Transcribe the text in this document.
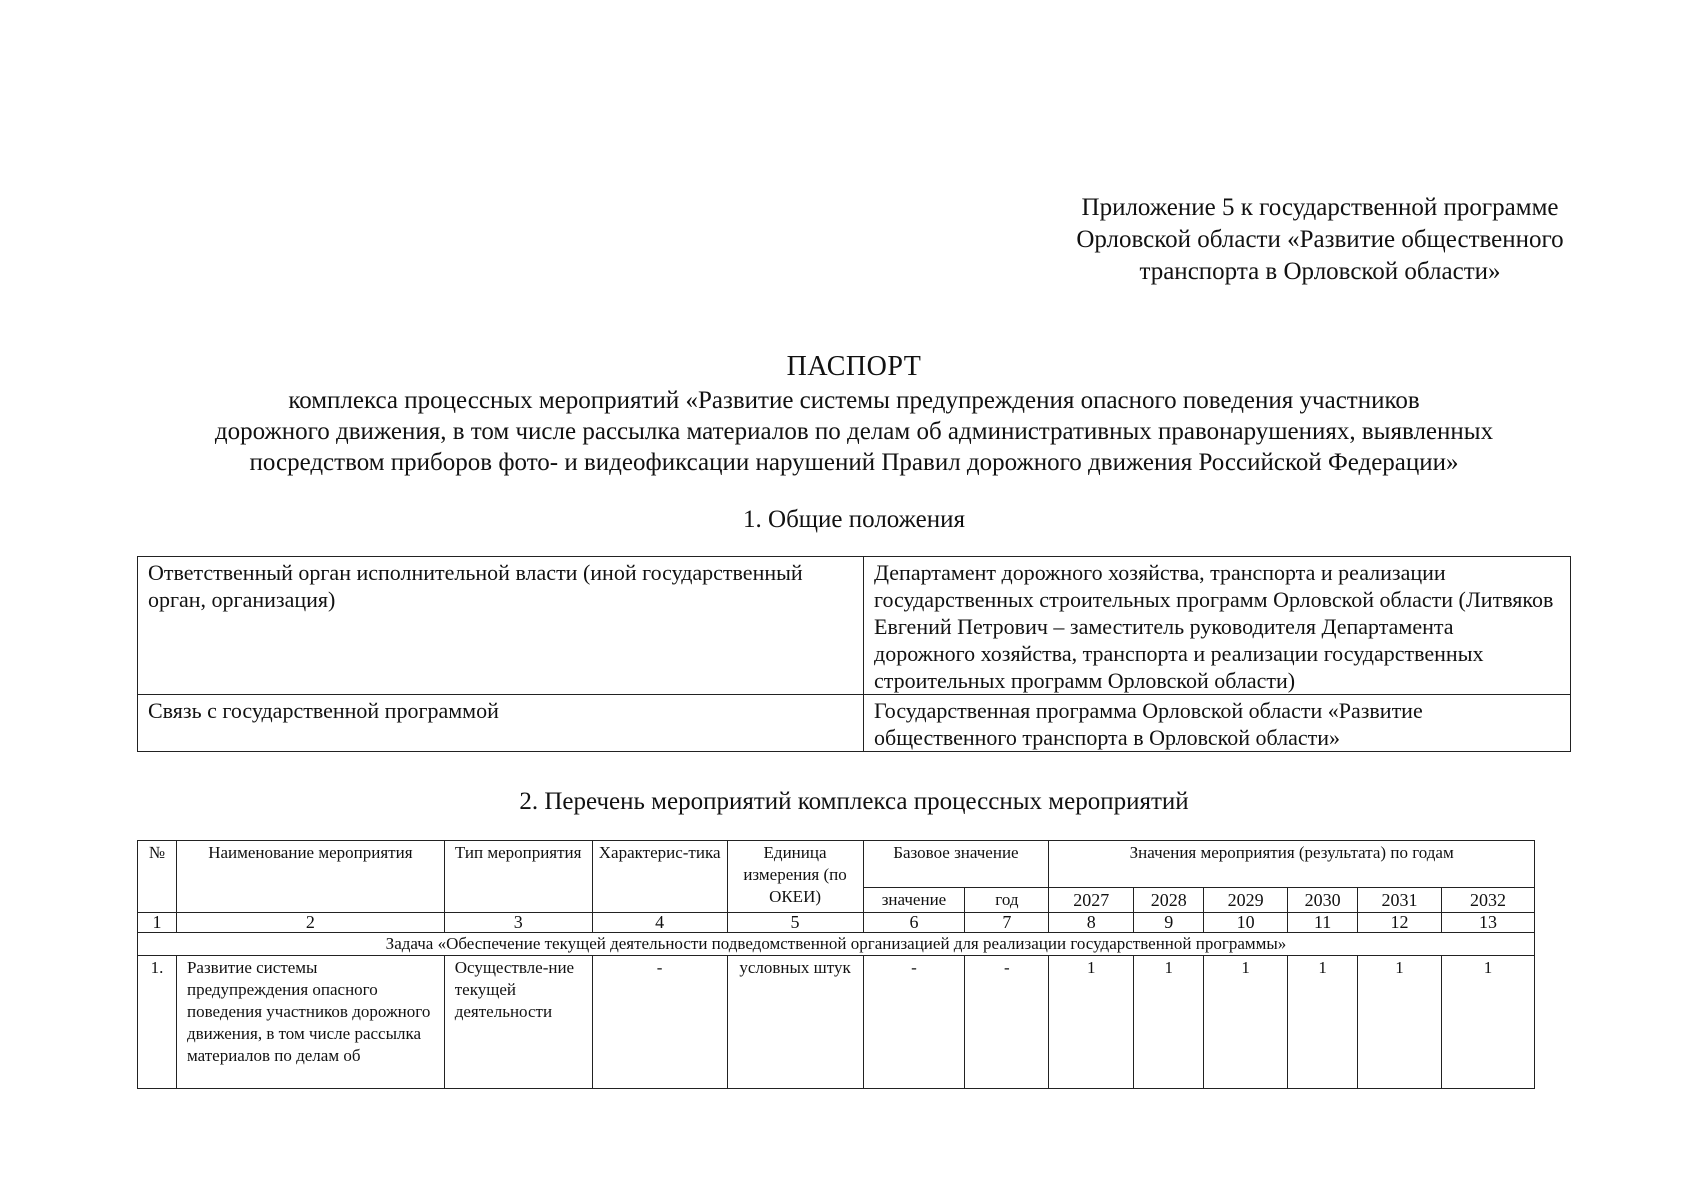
Приложение 5 к государственной программе
Орловской области «Развитие общественного
транспорта в Орловской области»
ПАСПОРТ
комплекса процессных мероприятий «Развитие системы предупреждения опасного поведения участников
дорожного движения, в том числе рассылка материалов по делам об административных правонарушениях, выявленных
посредством приборов фото- и видеофиксации нарушений Правил дорожного движения Российской Федерации»
1. Общие положения
Ответственный орган исполнительной власти (иной государственный орган, организация)	Департамент дорожного хозяйства, транспорта и реализации государственных строительных программ Орловской области (Литвяков Евгений Петрович – заместитель руководителя Департамента дорожного хозяйства, транспорта и реализации государственных строительных программ Орловской области)
Связь с государственной программой	Государственная программа Орловской области «Развитие общественного транспорта в Орловской области»
2. Перечень мероприятий комплекса процессных мероприятий
№	Наименование мероприятия	Тип мероприятия	Характерис-тика	Единица измерения (по ОКЕИ)	Базовое значение		Значения мероприятия (результата) по годам					
					значение	год	2027	2028	2029	2030	2031	2032
1	2	3	4	5	6	7	8	9	10	11	12	13
Задача «Обеспечение текущей деятельности подведомственной организацией для реализации государственной программы»												
1.	Развитие системы предупреждения опасного поведения участников дорожного движения, в том числе рассылка материалов по делам об	Осуществле-ние текущей деятельности	-	условных штук	-	-	1	1	1	1	1	1
